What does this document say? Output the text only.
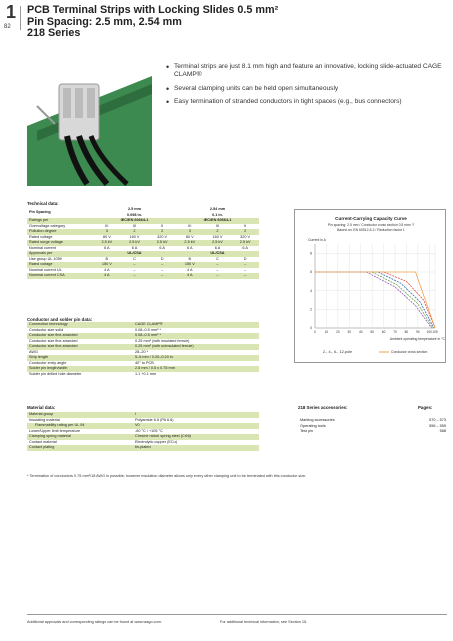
1
82
PCB Terminal Strips with Locking Slides 0.5 mm²
Pin Spacing: 2.5 mm, 2.54 mm
218 Series
• Terminal strips are just 8.1 mm high and feature an innovative, locking slide-actuated CAGE CLAMP®
• Several clamping units can be held open simultaneously
• Easy termination of stranded conductors in tight spaces (e.g., bus connectors)
Technical data:
Pin Spacing	2.5 mm
0.098 in.			2.54 mm
0.1 in.		
Ratings per	IEC/EN 60664-1			IEC/EN 60664-1		
Overvoltage category	III	III	II	III	III	II
Pollution degree	3	2	2	3	2	2
Rated voltage	80 V	160 V	320 V	80 V	160 V	320 V
Rated surge voltage	2.5 kV	2.5 kV	2.5 kV	2.5 kV	2.5 kV	2.5 kV
Nominal current	6 A	6 A	6 A	6 A	6 A	6 A
Approvals per	UL/CSA			UL/CSA		
Use group UL 1059	B	C	D	B	C	D
Rated voltage	150 V	–	–	150 V	–	–
Nominal current UL	4 A	–	–	4 A	–	–
Nominal current CSA	4 A	–	–	4 A	–	–
Current-Carrying Capacity Curve
Pin spacing: 2.5 mm / Conductor cross section 0.5 mm² 'f'
Based on: EN 60512-5-2 / Reduction factor 1
Current in A
0
2
4
6
8
0	10 20 30 40 50 60 70 80 90 100 105
Ambient operating temperature in °C
2-, 4-, 6-, 12-pole	Conductor cross section
Conductor and solder pin data:
Connection technology	CAGE CLAMP®
Conductor size solid	0.08–0.5 mm² *
Conductor size fine-stranded	0.08–0.5 mm² *
Conductor size fine-stranded	0.25 mm² (with insulated ferrule)
Conductor size fine-stranded	0.25 mm² (with uninsulated ferrule)
AWG	28–20 *
Strip length	5–6 mm / 0.20–0.24 in.
Conductor entry angle	40° to PCB
Solder pin length/width	2.8 mm / 0.5 x 0.75 mm
Solder pin drilled hole diameter	1.1 +0.1 mm
Material data:
Material group	I
Insulating material	Polyamide 6.6 (PA 6.6)
Flammability rating per UL 94	V0
Lower/Upper limit temperature	-60 °C / +105 °C
Clamping spring material	Chrome nickel spring steel (CrNi)
Contact material	Electrolytic copper (ECu)
Contact plating	tin-plated
218 Series accessories:	Pages:
Marking accessories	570 – 573
Operating tools	556 – 559
Test pin	568
* Termination of conductors 0.75 mm²/18 AWG is possible; however insulation diameter allows only every other clamping unit to be terminated with this conductor size.
Additional approvals and corresponding ratings can be found at www.wago.com.	For additional technical information, see Section 15.
